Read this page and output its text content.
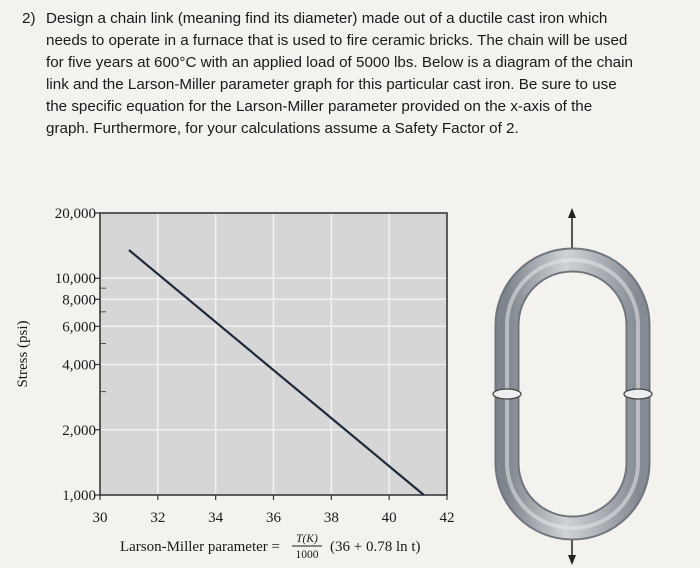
2) Design a chain link (meaning find its diameter) made out of a ductile cast iron which
needs to operate in a furnace that is used to fire ceramic bricks. The chain will be used
for five years at 600°C with an applied load of 5000 lbs. Below is a diagram of the chain
link and the Larson-Miller parameter graph for this particular cast iron. Be sure to use
the specific equation for the Larson-Miller parameter provided on the x-axis of the
graph. Furthermore, for your calculations assume a Safety Factor of 2.
20,000
10,000
8,000
6,000
4,000
2,000
1,000
30	32	34	36	38	40	42
Stress (psi)
Larson-Miller parameter = T(K)
1000 (36 + 0.78 ln t)
